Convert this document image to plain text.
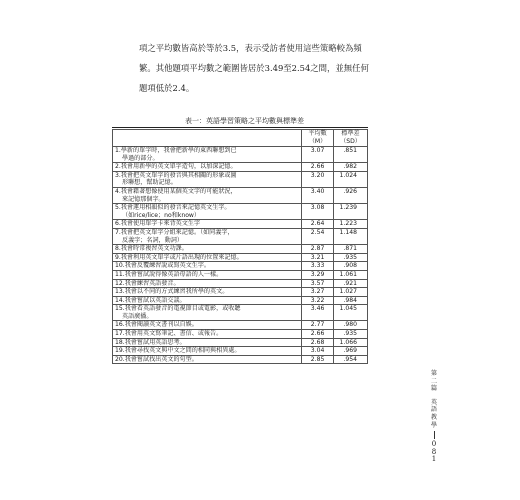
項之平均數皆高於等於3.5，表示受訪者使用這些策略較為頻

繁。其他題項平均數之範圍皆居於3.49至2.54之間，並無任何

題項低於2.4。

表一：英語學習策略之平均數與標準差
	平均數
（M）	標準差
（SD）

1.學新的單字時，我會把新學的東西聯想到已
學過的部分。	3.07	.851

2.我會用新學的英文單字造句，以加深記憶。	2.66	.982

3.我會把英文單字的發音與其相關的形象或圖
形聯想，幫助記憶。	3.20	1.024

4.我會藉著想像使用某個英文字的可能狀況，
來記憶那個字。	3.40	.926

5.我會運用相韻似的發音來記憶英文生字。
（如rice/lice；no和know）	3.08	1.239

6.我會使用單字卡來背英文生字	2.64	1.223

7.我會把英文單字分組來記憶。（如同義字，
反義字；名詞，動詞）	2.54	1.148

8.我會時常複習英文功課。	2.87	.871

9.我會利用英文單字或片語出現的位置來記憶。	3.21	.935

10.我會反覆練習說或寫英文生字。	3.33	.908

11.我會嘗試說得像英語母語的人一樣。	3.29	1.061

12.我會練習英語發音。	3.57	.921

13.我會以不同的方式練習我所學的英文。	3.27	1.027

14.我會嘗試以英語交談。	3.22	.984

15.我會看英語發音的電視節目或電影，或收聽
英語廣播。	3.46	1.045

16.我會閱讀英文書刊以自娛。	2.77	.980

17.我會用英文寫筆記、書信、或報告。	2.66	.935

18.我會嘗試用英語思考。	2.68	1.066

19.我會尋找英文與中文之間的相同與相異處。	3.04	.969

20.我會嘗試找出英文的句型。	2.85	.954
第
二
篇
英
語
教
學
0
8
1
